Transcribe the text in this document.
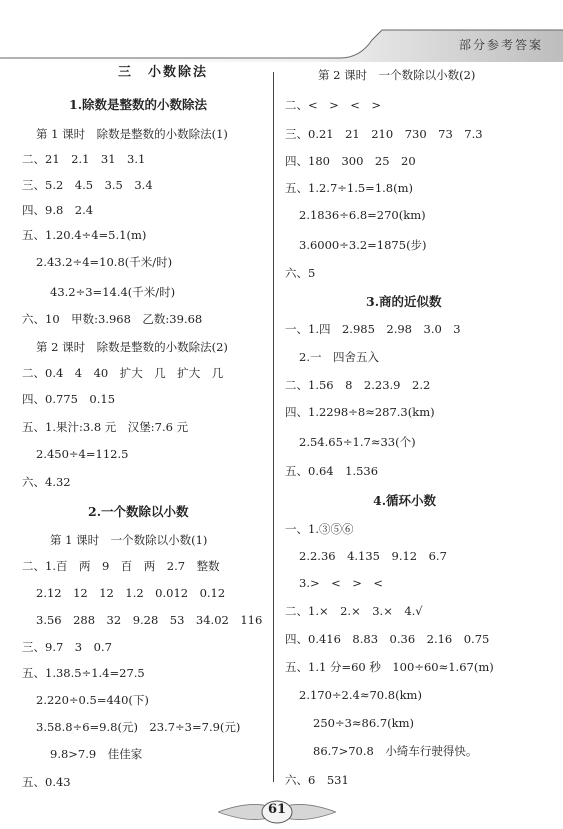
部分参考答案
三　小数除法
1.除数是整数的小数除法
第 1 课时　除数是整数的小数除法(1)
二、21　2.1　31　3.1
三、5.2　4.5　3.5　3.4
四、9.8　2.4
五、1.20.4÷4=5.1(m)
2.43.2÷4=10.8(千米/时)
43.2÷3=14.4(千米/时)
六、10　甲数:3.968　乙数:39.68
第 2 课时　除数是整数的小数除法(2)
二、0.4　4　40　扩大　几　扩大　几
四、0.775　0.15
五、1.果汁:3.8 元　汉堡:7.6 元
2.450÷4=112.5
六、4.32
2.一个数除以小数
第 1 课时　一个数除以小数(1)
二、1.百　两　9　百　两　2.7　整数
2.12　12　12　1.2　0.012　0.12
3.56　288　32　9.28　53　34.02　116
三、9.7　3　0.7
五、1.38.5÷1.4=27.5
2.220÷0.5=440(下)
3.58.8÷6=9.8(元)　23.7÷3=7.9(元)
9.8>7.9　佳佳家
五、0.43
第 2 课时　一个数除以小数(2)
二、<　>　<　>
三、0.21　21　210　730　73　7.3
四、180　300　25　20
五、1.2.7÷1.5=1.8(m)
2.1836÷6.8=270(km)
3.6000÷3.2=1875(步)
六、5
3.商的近似数
一、1.四　2.985　2.98　3.0　3
2.一　四舍五入
二、1.56　8　2.23.9　2.2
四、1.2298÷8≈287.3(km)
2.54.65÷1.7≈33(个)
五、0.64　1.536
4.循环小数
一、1.③⑤⑥
2.2.36　4.135　9.12　6.7
3.>　<　>　<
二、1.×　2.×　3.×　4.√
四、0.416　8.83　0.36　2.16　0.75
五、1.1 分=60 秒　100÷60≈1.67(m)
2.170÷2.4≈70.8(km)
250÷3≈86.7(km)
86.7>70.8　小绮车行驶得快。
六、6　531
61
